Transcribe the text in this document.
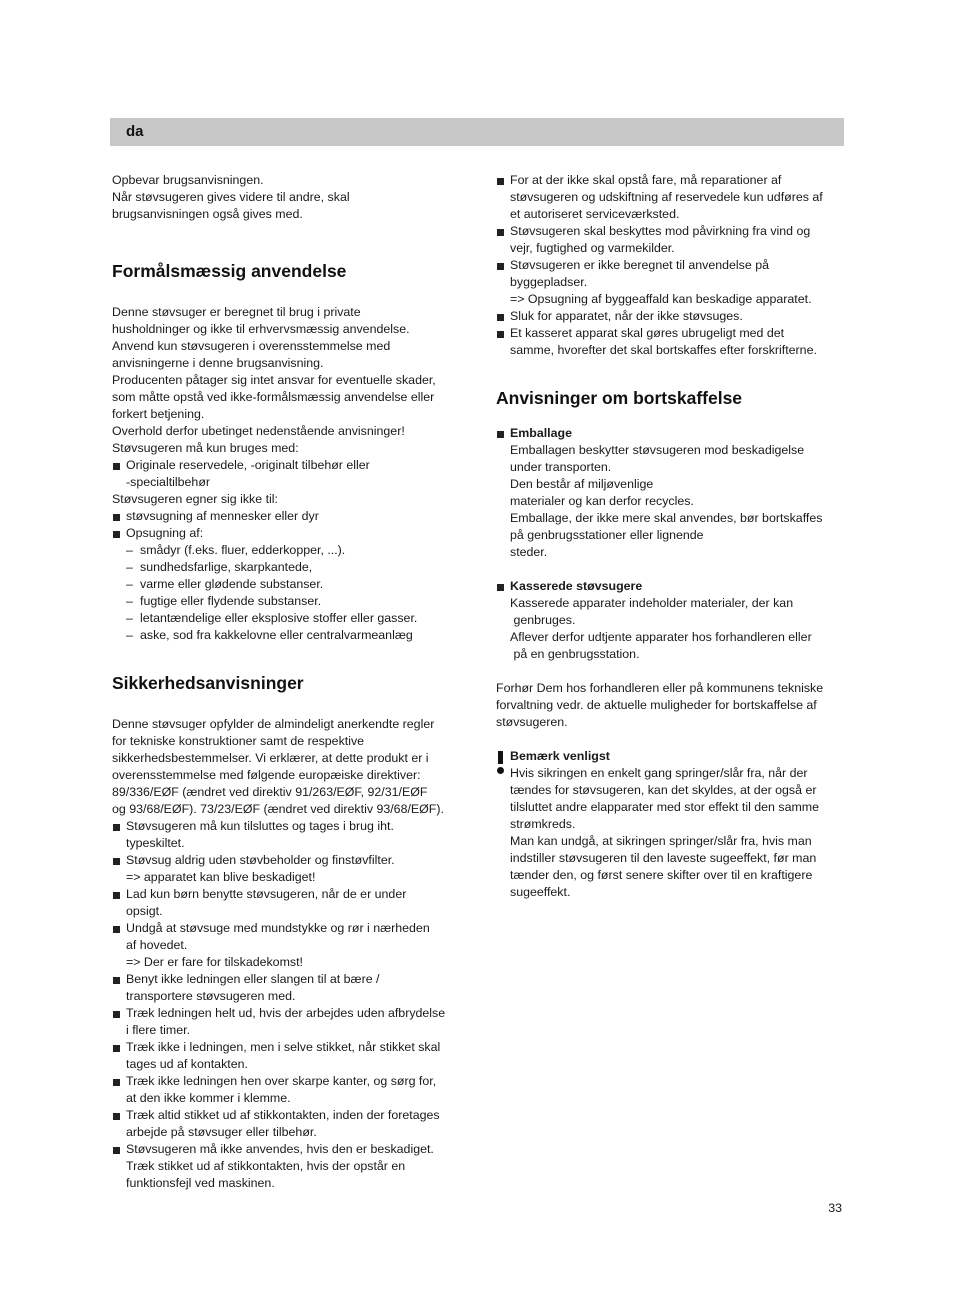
da

Opbevar brugsanvisningen.

Når støvsugeren gives videre til andre, skal

brugsanvisningen også gives med.

Formålsmæssig anvendelse

Denne støvsuger er beregnet til brug i private

husholdninger og ikke til erhvervsmæssig anvendelse.

Anvend kun støvsugeren i overensstemmelse med

anvisningerne i denne brugsanvisning.

Producenten påtager sig intet ansvar for eventuelle skader,

som måtte opstå ved ikke-formålsmæssig anvendelse eller

forkert betjening.

Overhold derfor ubetinget nedenstående anvisninger!

Støvsugeren må kun bruges med:

Originale reservedele, -originalt tilbehør eller

-specialtilbehør

Støvsugeren egner sig ikke til:

støvsugning af mennesker eller dyr

Opsugning af:

– smådyr (f.eks. fluer, edderkopper, ...).

– sundhedsfarlige, skarpkantede,

– varme eller glødende substanser.

– fugtige eller flydende substanser.

– letantændelige eller eksplosive stoffer eller gasser.

– aske, sod fra kakkelovne eller centralvarmeanlæg

Sikkerhedsanvisninger

Denne støvsuger opfylder de almindeligt anerkendte regler

for tekniske konstruktioner samt de respektive

sikkerhedsbestemmelser. Vi erklærer, at dette produkt er i

overensstemmelse med følgende europæiske direktiver:

89/336/EØF (ændret ved direktiv 91/263/EØF, 92/31/EØF

og 93/68/EØF). 73/23/EØF (ændret ved direktiv 93/68/EØF).

Støvsugeren må kun tilsluttes og tages i brug iht.

typeskiltet.

Støvsug aldrig uden støvbeholder og finstøvfilter.

=> apparatet kan blive beskadiget!

Lad kun børn benytte støvsugeren, når de er under

opsigt.

Undgå at støvsuge med mundstykke og rør i nærheden

af hovedet.

=> Der er fare for tilskadekomst!

Benyt ikke ledningen eller slangen til at bære /

transportere støvsugeren med.

Træk ledningen helt ud, hvis der arbejdes uden afbrydelse

i flere timer.

Træk ikke i ledningen, men i selve stikket, når stikket skal

tages ud af kontakten.

Træk ikke ledningen hen over skarpe kanter, og sørg for,

at den ikke kommer i klemme.

Træk altid stikket ud af stikkontakten, inden der foretages

arbejde på støvsuger eller tilbehør.

Støvsugeren må ikke anvendes, hvis den er beskadiget.

Træk stikket ud af stikkontakten, hvis der opstår en

funktionsfejl ved maskinen.

For at der ikke skal opstå fare, må reparationer af

støvsugeren og udskiftning af reservedele kun udføres af

et autoriseret serviceværksted.

Støvsugeren skal beskyttes mod påvirkning fra vind og

vejr, fugtighed og varmekilder.

Støvsugeren er ikke beregnet til anvendelse på

byggepladser.

=> Opsugning af byggeaffald kan beskadige apparatet.

Sluk for apparatet, når der ikke støvsuges.

Et kasseret apparat skal gøres ubrugeligt med det

samme, hvorefter det skal bortskaffes efter forskrifterne.

Anvisninger om bortskaffelse

Emballage

Emballagen beskytter støvsugeren mod beskadigelse

under transporten.

Den består af miljøvenlige

materialer og kan derfor recycles.

Emballage, der ikke mere skal anvendes, bør bortskaffes

på genbrugsstationer eller lignende

steder.

Kasserede støvsugere

Kasserede apparater indeholder materialer, der kan

genbruges.

Aflever derfor udtjente apparater hos forhandleren eller

på en genbrugsstation.

Forhør Dem hos forhandleren eller på kommunens tekniske

forvaltning vedr. de aktuelle muligheder for bortskaffelse af

støvsugeren.

Bemærk venligst

Hvis sikringen en enkelt gang springer/slår fra, når der

tændes for støvsugeren, kan det skyldes, at der også er

tilsluttet andre elapparater med stor effekt til den samme

strømkreds.

Man kan undgå, at sikringen springer/slår fra, hvis man

indstiller støvsugeren til den laveste sugeeffekt, før man

tænder den, og først senere skifter over til en kraftigere

sugeeffekt.

33
